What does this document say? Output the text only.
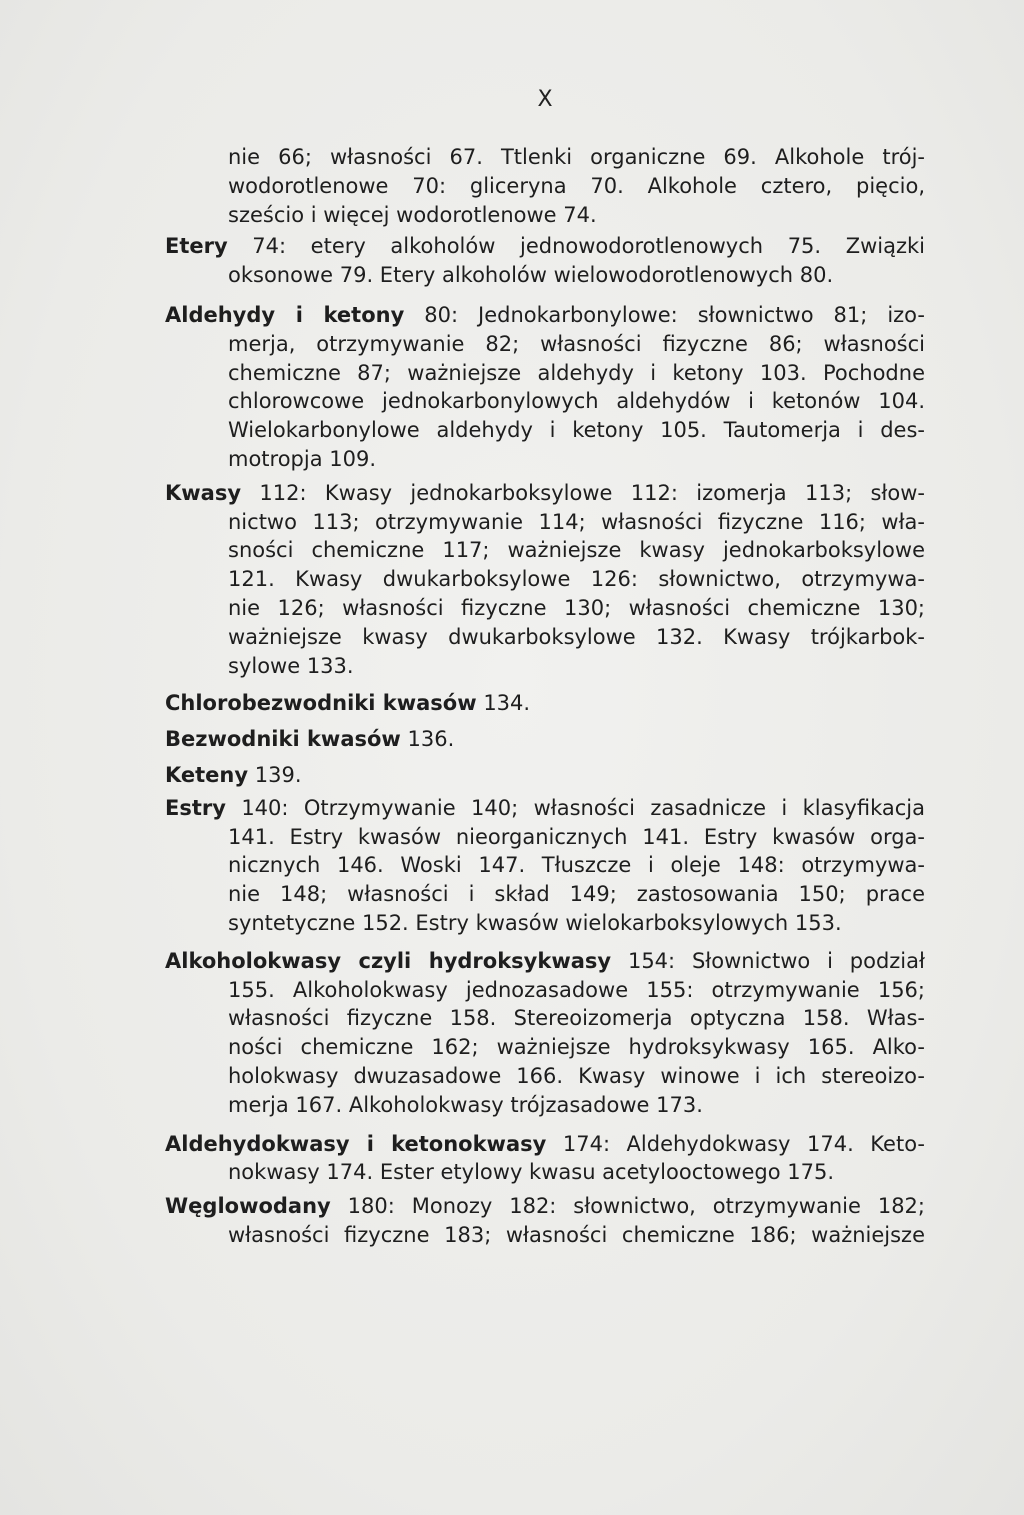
X
nie 66; własności 67. Ttlenki organiczne 69. Alkohole trój-
wodorotlenowe 70: gliceryna 70. Alkohole cztero, pięcio,
sześcio i więcej wodorotlenowe 74.
Etery 74: etery alkoholów jednowodorotlenowych 75. Związki
oksonowe 79. Etery alkoholów wielowodorotlenowych 80.
Aldehydy i ketony 80: Jednokarbonylowe: słownictwo 81; izo-
merja, otrzymywanie 82; własności fizyczne 86; własności
chemiczne 87; ważniejsze aldehydy i ketony 103. Pochodne
chlorowcowe jednokarbonylowych aldehydów i ketonów 104.
Wielokarbonylowe aldehydy i ketony 105. Tautomerja i des-
motropja 109.
Kwasy 112: Kwasy jednokarboksylowe 112: izomerja 113; słow-
nictwo 113; otrzymywanie 114; własności fizyczne 116; wła-
sności chemiczne 117; ważniejsze kwasy jednokarboksylowe
121. Kwasy dwukarboksylowe 126: słownictwo, otrzymywa-
nie 126; własności fizyczne 130; własności chemiczne 130;
ważniejsze kwasy dwukarboksylowe 132. Kwasy trójkarbok-
sylowe 133.
Chlorobezwodniki kwasów 134.
Bezwodniki kwasów 136.
Keteny 139.
Estry 140: Otrzymywanie 140; własności zasadnicze i klasyfikacja
141. Estry kwasów nieorganicznych 141. Estry kwasów orga-
nicznych 146. Woski 147. Tłuszcze i oleje 148: otrzymywa-
nie 148; własności i skład 149; zastosowania 150; prace
syntetyczne 152. Estry kwasów wielokarboksylowych 153.
Alkoholokwasy czyli hydroksykwasy 154: Słownictwo i podział
155. Alkoholokwasy jednozasadowe 155: otrzymywanie 156;
własności fizyczne 158. Stereoizomerja optyczna 158. Włas-
ności chemiczne 162; ważniejsze hydroksykwasy 165. Alko-
holokwasy dwuzasadowe 166. Kwasy winowe i ich stereoizo-
merja 167. Alkoholokwasy trójzasadowe 173.
Aldehydokwasy i ketonokwasy 174: Aldehydokwasy 174. Keto-
nokwasy 174. Ester etylowy kwasu acetylooctowego 175.
Węglowodany 180: Monozy 182: słownictwo, otrzymywanie 182;
własności fizyczne 183; własności chemiczne 186; ważniejsze
